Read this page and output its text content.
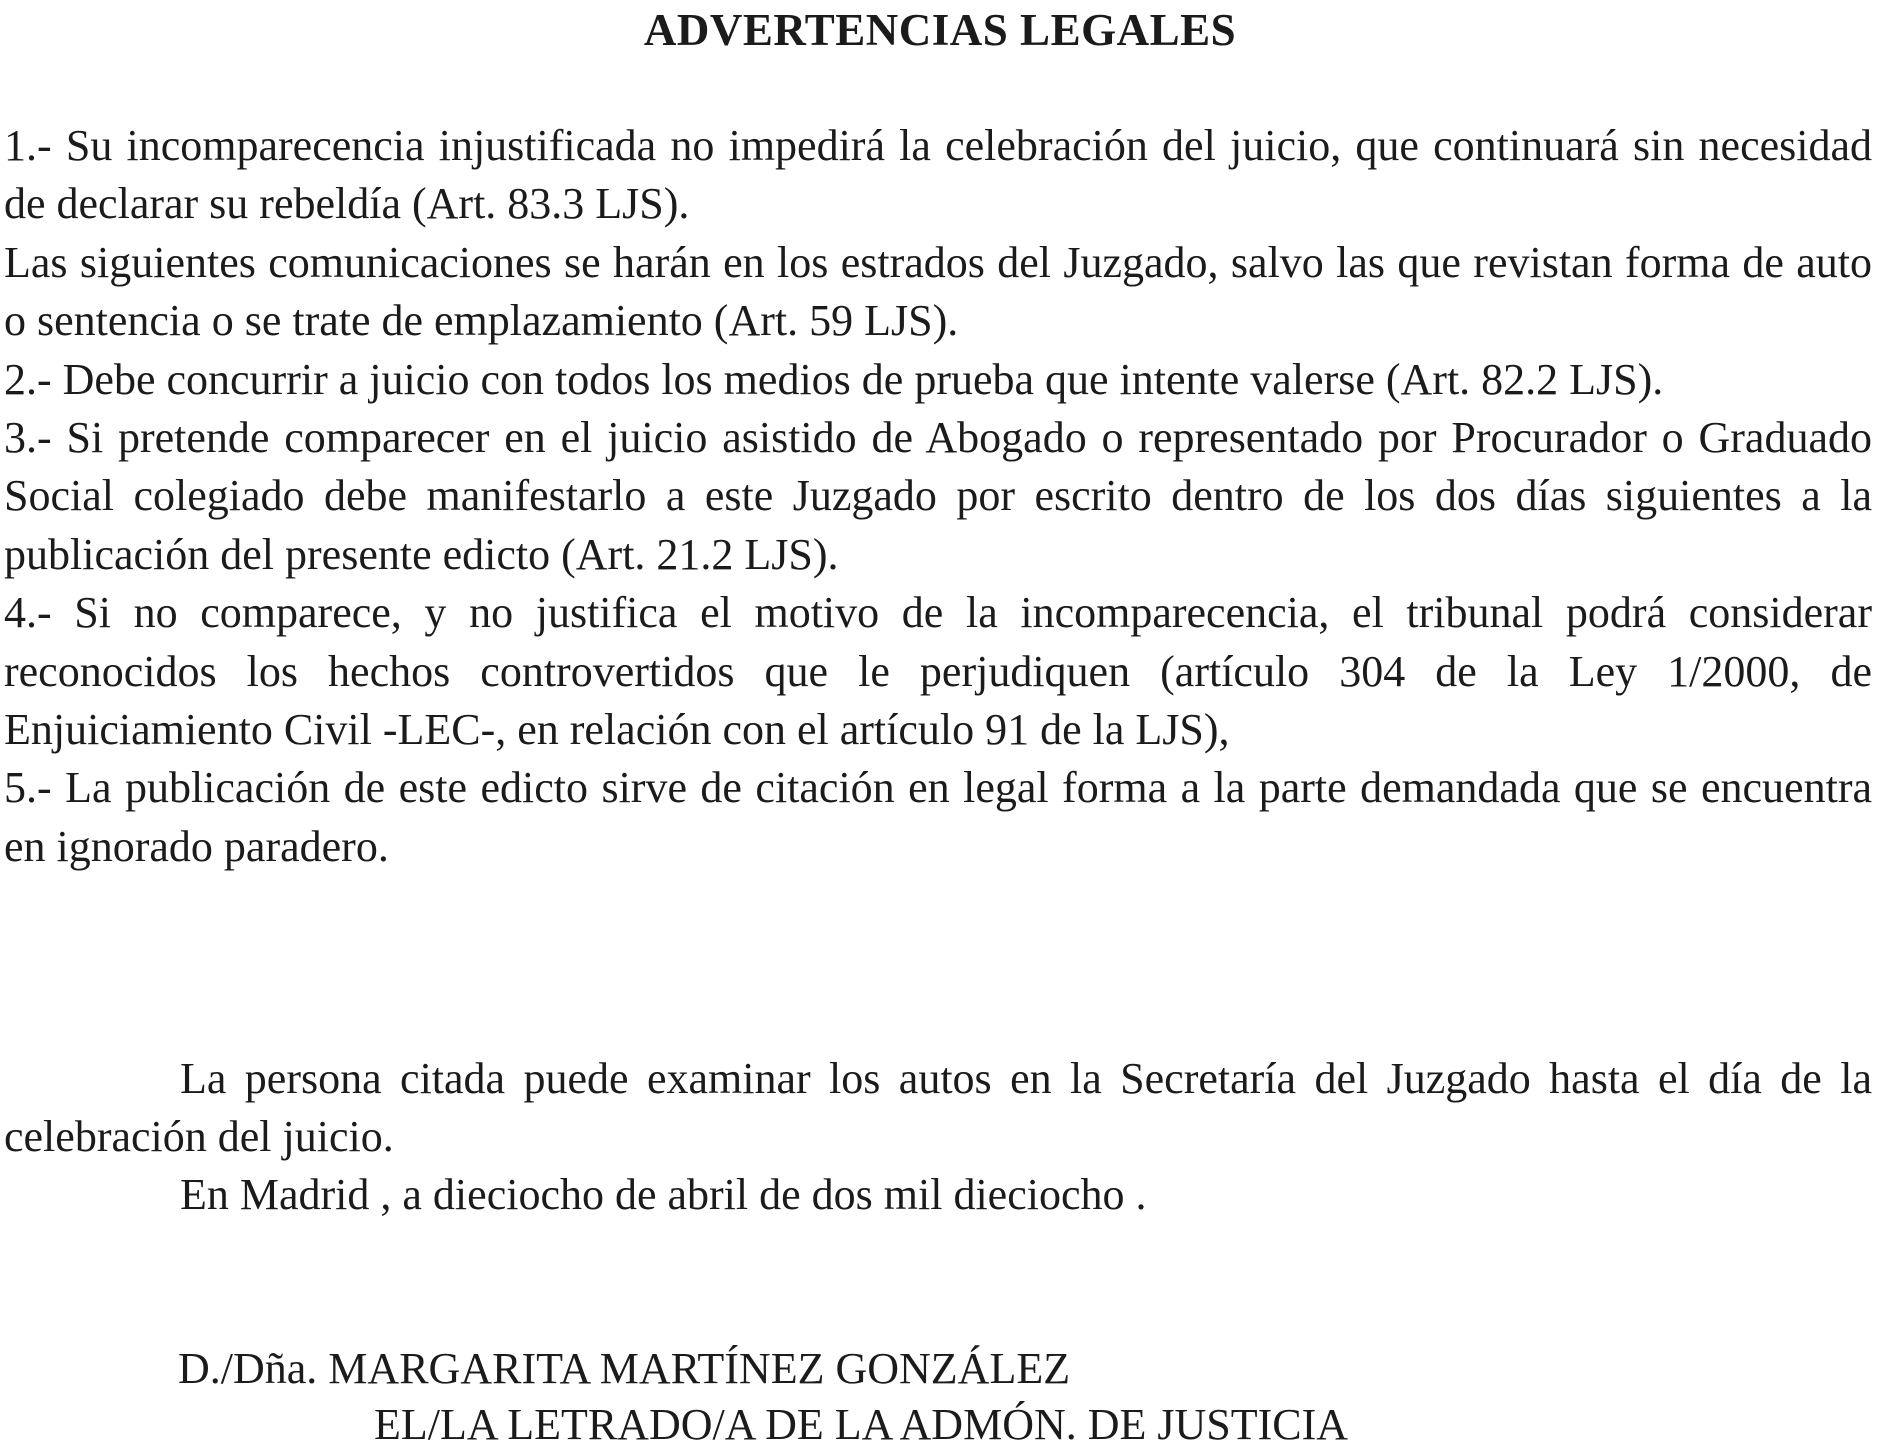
ADVERTENCIAS LEGALES

1.- Su incomparecencia injustificada no impedirá la celebración del juicio, que continuará sin necesidad de declarar su rebeldía (Art. 83.3 LJS).

Las siguientes comunicaciones se harán en los estrados del Juzgado, salvo las que revistan forma de auto o sentencia o se trate de emplazamiento (Art. 59 LJS).

2.- Debe concurrir a juicio con todos los medios de prueba que intente valerse (Art. 82.2 LJS).

3.- Si pretende comparecer en el juicio asistido de Abogado o representado por Procurador o Graduado Social colegiado debe manifestarlo a este Juzgado por escrito dentro de los dos días siguientes a la publicación del presente edicto (Art. 21.2 LJS).

4.- Si no comparece, y no justifica el motivo de la incomparecencia, el tribunal podrá considerar reconocidos los hechos controvertidos que le perjudiquen (artículo 304 de la Ley 1/2000, de Enjuiciamiento Civil -LEC-, en relación con el artículo 91 de la LJS),

5.- La publicación de este edicto sirve de citación en legal forma a la parte demandada que se encuentra en ignorado paradero.

La persona citada puede examinar los autos en la Secretaría del Juzgado hasta el día de la celebración del juicio.

En Madrid , a dieciocho de abril de dos mil dieciocho .

D./Dña. MARGARITA MARTÍNEZ GONZÁLEZ

EL/LA LETRADO/A DE LA ADMÓN. DE JUSTICIA
